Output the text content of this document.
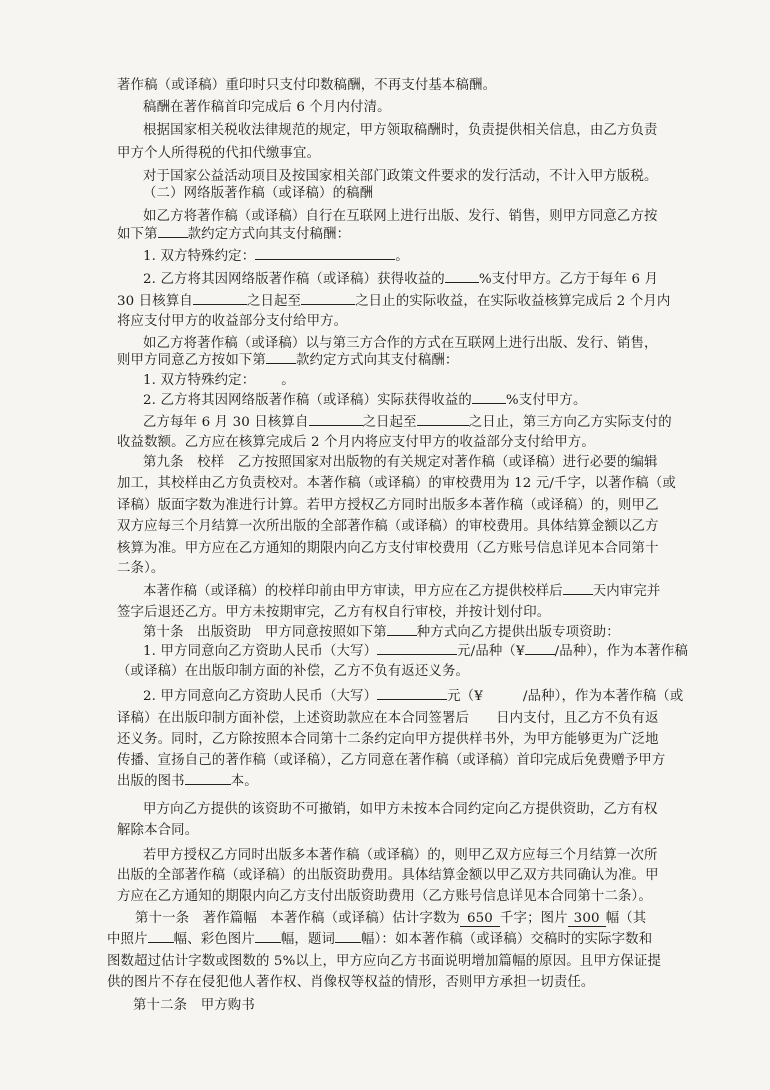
著作稿（或译稿）重印时只支付印数稿酬，不再支付基本稿酬。
稿酬在著作稿首印完成后 6 个月内付清。
根据国家相关税收法律规范的规定，甲方领取稿酬时，负责提供相关信息，由乙方负责
甲方个人所得税的代扣代缴事宜。
对于国家公益活动项目及按国家相关部门政策文件要求的发行活动，不计入甲方版税。
（二）网络版著作稿（或译稿）的稿酬
如乙方将著作稿（或译稿）自行在互联网上进行出版、发行、销售，则甲方同意乙方按
如下第 款约定方式向其支付稿酬：
1. 双方特殊约定：	。
2. 乙方将其因网络版著作稿（或译稿）获得收益的	%支付甲方。乙方于每年 6 月
30 日核算自	之日起至	之日止的实际收益，在实际收益核算完成后 2 个月内
将应支付甲方的收益部分支付给甲方。
如乙方将著作稿（或译稿）以与第三方合作的方式在互联网上进行出版、发行、销售，
则甲方同意乙方按如下第 款约定方式向其支付稿酬：
1. 双方特殊约定： 。
2. 乙方将其因网络版著作稿（或译稿）实际获得收益的	%支付甲方。
乙方每年 6 月 30 日核算自	之日起至	之日止，第三方向乙方实际支付的
收益数额。乙方应在核算完成后 2 个月内将应支付甲方的收益部分支付给甲方。
第九条　校样　乙方按照国家对出版物的有关规定对著作稿（或译稿）进行必要的编辑
加工，其校样由乙方负责校对。本著作稿（或译稿）的审校费用为 12 元/千字，以著作稿（或
译稿）版面字数为准进行计算。若甲方授权乙方同时出版多本著作稿（或译稿）的，则甲乙
双方应每三个月结算一次所出版的全部著作稿（或译稿）的审校费用。具体结算金额以乙方
核算为准。甲方应在乙方通知的期限内向乙方支付审校费用（乙方账号信息详见本合同第十
二条）。
本著作稿（或译稿）的校样印前由甲方审读，甲方应在乙方提供校样后 天内审完并
签字后退还乙方。甲方未按期审完，乙方有权自行审校，并按计划付印。
第十条　出版资助　甲方同意按照如下第 种方式向乙方提供出版专项资助：
1. 甲方同意向乙方资助人民币（大写）	元/品种（¥ /品种），作为本著作稿
（或译稿）在出版印制方面的补偿，乙方不负有返还义务。
2. 甲方同意向乙方资助人民币（大写）	元（¥	/品种），作为本著作稿（或
译稿）在出版印制方面补偿，上述资助款应在本合同签署后　　日内支付，且乙方不负有返
还义务。同时，乙方除按照本合同第十二条约定向甲方提供样书外，为甲方能够更为广泛地
传播、宣扬自己的著作稿（或译稿），乙方同意在著作稿（或译稿）首印完成后免费赠予甲方
出版的图书	本。
甲方向乙方提供的该资助不可撤销，如甲方未按本合同约定向乙方提供资助，乙方有权
解除本合同。
若甲方授权乙方同时出版多本著作稿（或译稿）的，则甲乙双方应每三个月结算一次所
出版的全部著作稿（或译稿）的出版资助费用。具体结算金额以甲乙双方共同确认为准。甲
方应在乙方通知的期限内向乙方支付出版资助费用（乙方账号信息详见本合同第十二条）。
第十一条　著作篇幅　本著作稿（或译稿）估计字数为 650 千字；图片 300 幅（其
中照片 幅、彩色图片 幅，题词 幅）：如本著作稿（或译稿）交稿时的实际字数和
图数超过估计字数或图数的 5%以上，甲方应向乙方书面说明增加篇幅的原因。且甲方保证提
供的图片不存在侵犯他人著作权、肖像权等权益的情形，否则甲方承担一切责任。
第十二条　甲方购书
